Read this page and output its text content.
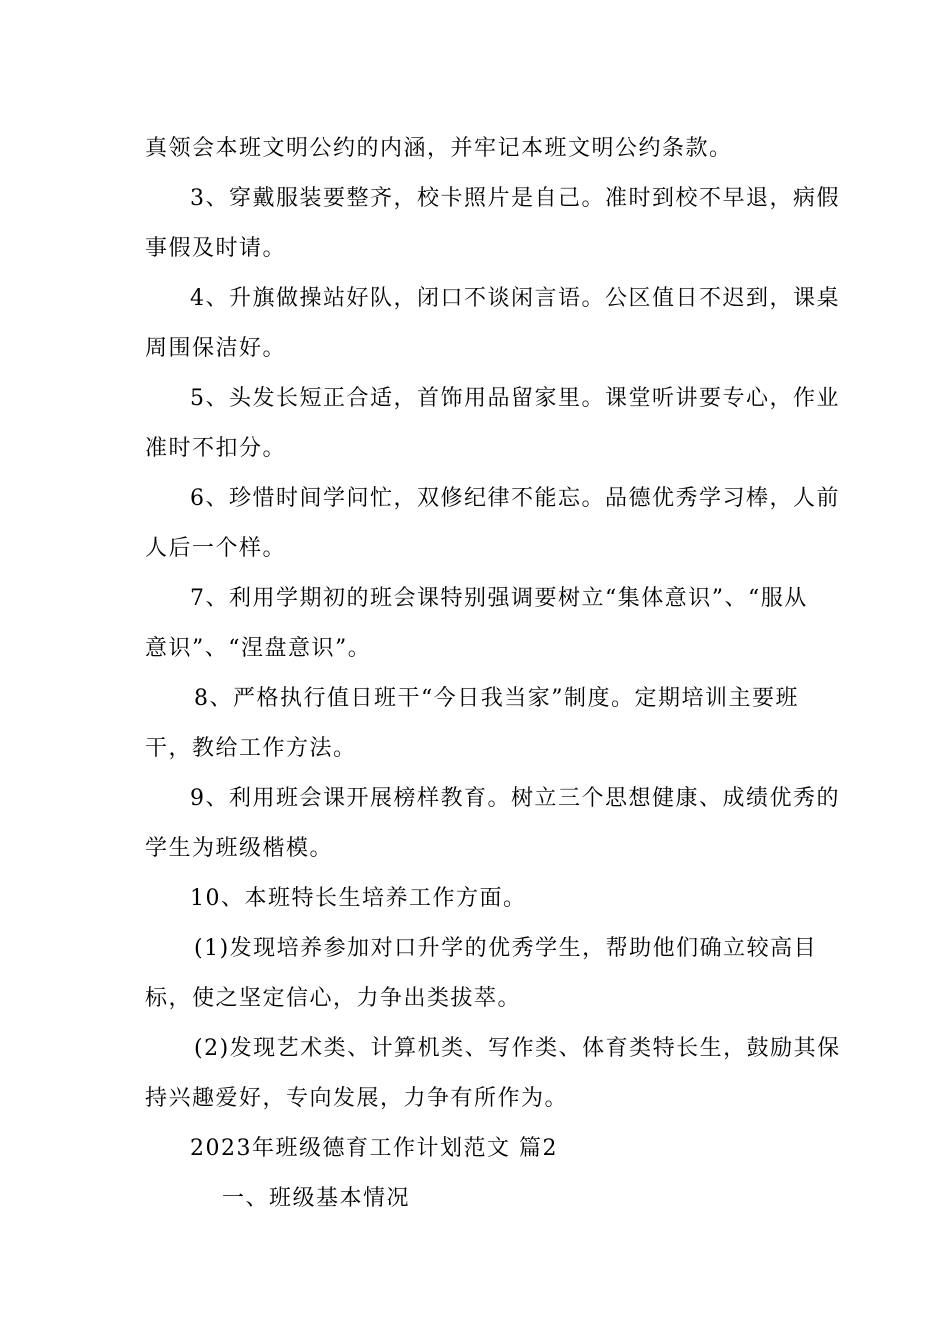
真领会本班文明公约的内涵，并牢记本班文明公约条款。
3、穿戴服装要整齐，校卡照片是自己。准时到校不早退，病假
事假及时请。
4、升旗做操站好队，闭口不谈闲言语。公区值日不迟到，课桌
周围保洁好。
5、头发长短正合适，首饰用品留家里。课堂听讲要专心，作业
准时不扣分。
6、珍惜时间学问忙，双修纪律不能忘。品德优秀学习棒，人前
人后一个样。
7、利用学期初的班会课特别强调要树立“集体意识”、“服从
意识”、“涅盘意识”。
8、严格执行值日班干“今日我当家”制度。定期培训主要班
干，教给工作方法。
9、利用班会课开展榜样教育。树立三个思想健康、成绩优秀的
学生为班级楷模。
10、本班特长生培养工作方面。
(1)发现培养参加对口升学的优秀学生，帮助他们确立较高目
标，使之坚定信心，力争出类拔萃。
(2)发现艺术类、计算机类、写作类、体育类特长生，鼓励其保
持兴趣爱好，专向发展，力争有所作为。
2023年班级德育工作计划范文 篇2
一、班级基本情况
